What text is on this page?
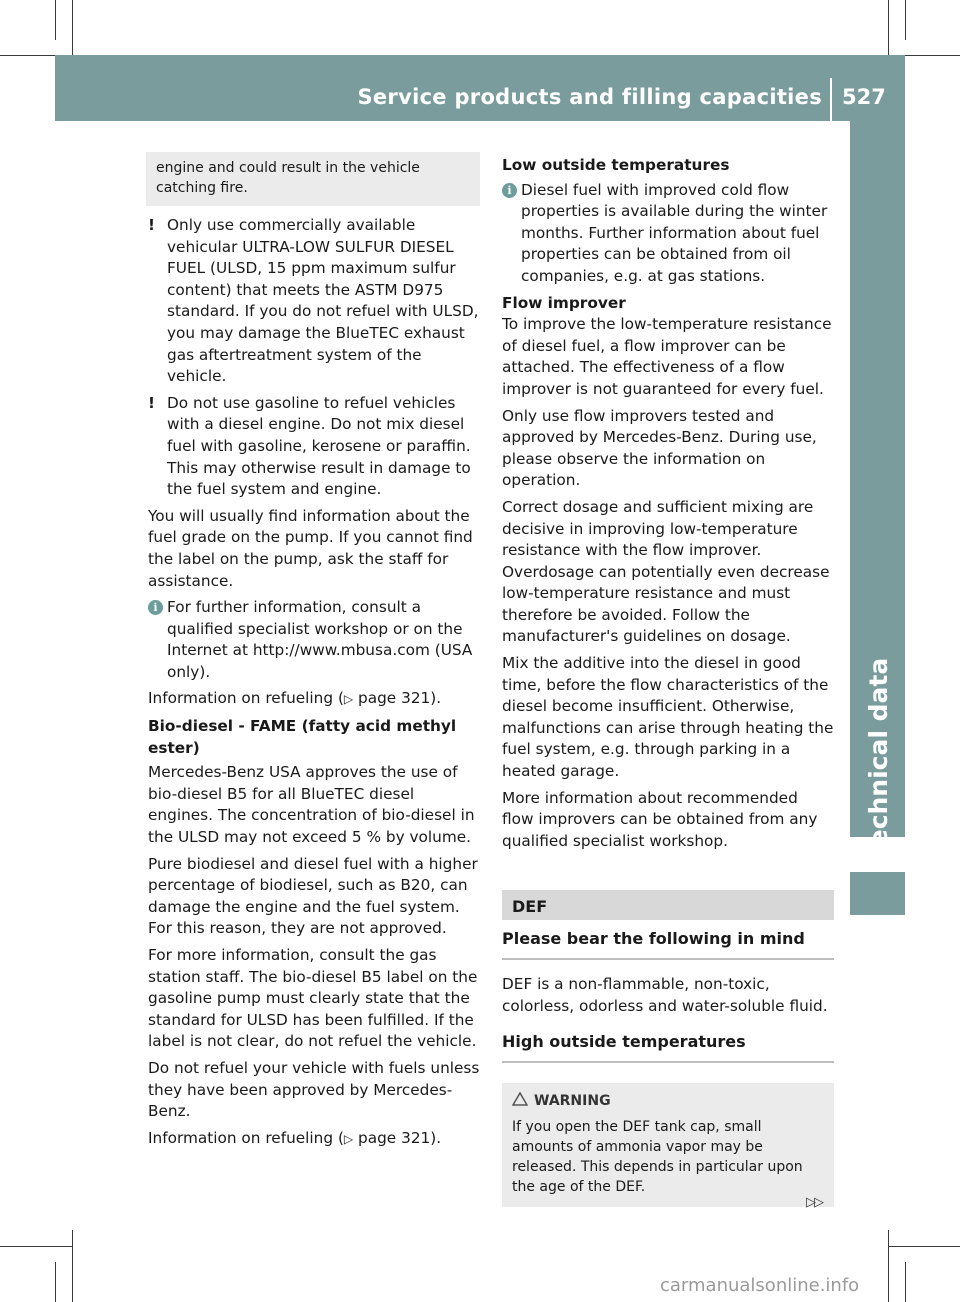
Service products and filling capacities 527
Technical data
engine and could result in the vehicle catching fire.

! Only use commercially available vehicular ULTRA-LOW SULFUR DIESEL FUEL (ULSD, 15 ppm maximum sulfur content) that meets the ASTM D975 standard. If you do not refuel with ULSD, you may damage the BlueTEC exhaust gas aftertreatment system of the vehicle.

! Do not use gasoline to refuel vehicles with a diesel engine. Do not mix diesel fuel with gasoline, kerosene or paraffin. This may otherwise result in damage to the fuel system and engine.

You will usually find information about the fuel grade on the pump. If you cannot find the label on the pump, ask the staff for assistance.

i For further information, consult a qualified specialist workshop or on the Internet at http://www.mbusa.com (USA only).

Information on refueling (▷ page 321).

Bio-diesel - FAME (fatty acid methyl ester)

Mercedes-Benz USA approves the use of bio-diesel B5 for all BlueTEC diesel engines. The concentration of bio-diesel in the ULSD may not exceed 5 % by volume.

Pure biodiesel and diesel fuel with a higher percentage of biodiesel, such as B20, can damage the engine and the fuel system. For this reason, they are not approved.

For more information, consult the gas station staff. The bio-diesel B5 label on the gasoline pump must clearly state that the standard for ULSD has been fulfilled. If the label is not clear, do not refuel the vehicle.

Do not refuel your vehicle with fuels unless they have been approved by Mercedes-Benz.

Information on refueling (▷ page 321).

Low outside temperatures

i Diesel fuel with improved cold flow properties is available during the winter months. Further information about fuel properties can be obtained from oil companies, e.g. at gas stations.

Flow improver

To improve the low-temperature resistance of diesel fuel, a flow improver can be attached. The effectiveness of a flow improver is not guaranteed for every fuel.

Only use flow improvers tested and approved by Mercedes-Benz. During use, please observe the information on operation.

Correct dosage and sufficient mixing are decisive in improving low-temperature resistance with the flow improver. Overdosage can potentially even decrease low-temperature resistance and must therefore be avoided. Follow the manufacturer's guidelines on dosage.

Mix the additive into the diesel in good time, before the flow characteristics of the diesel become insufficient. Otherwise, malfunctions can arise through heating the fuel system, e.g. through parking in a heated garage.

More information about recommended flow improvers can be obtained from any qualified specialist workshop.

DEF
Please bear the following in mind

DEF is a non-flammable, non-toxic, colorless, odorless and water-soluble fluid.

High outside temperatures
WARNING
If you open the DEF tank cap, small amounts of ammonia vapor may be released. This depends in particular upon the age of the DEF.
▷▷
carmanualsonline.info
